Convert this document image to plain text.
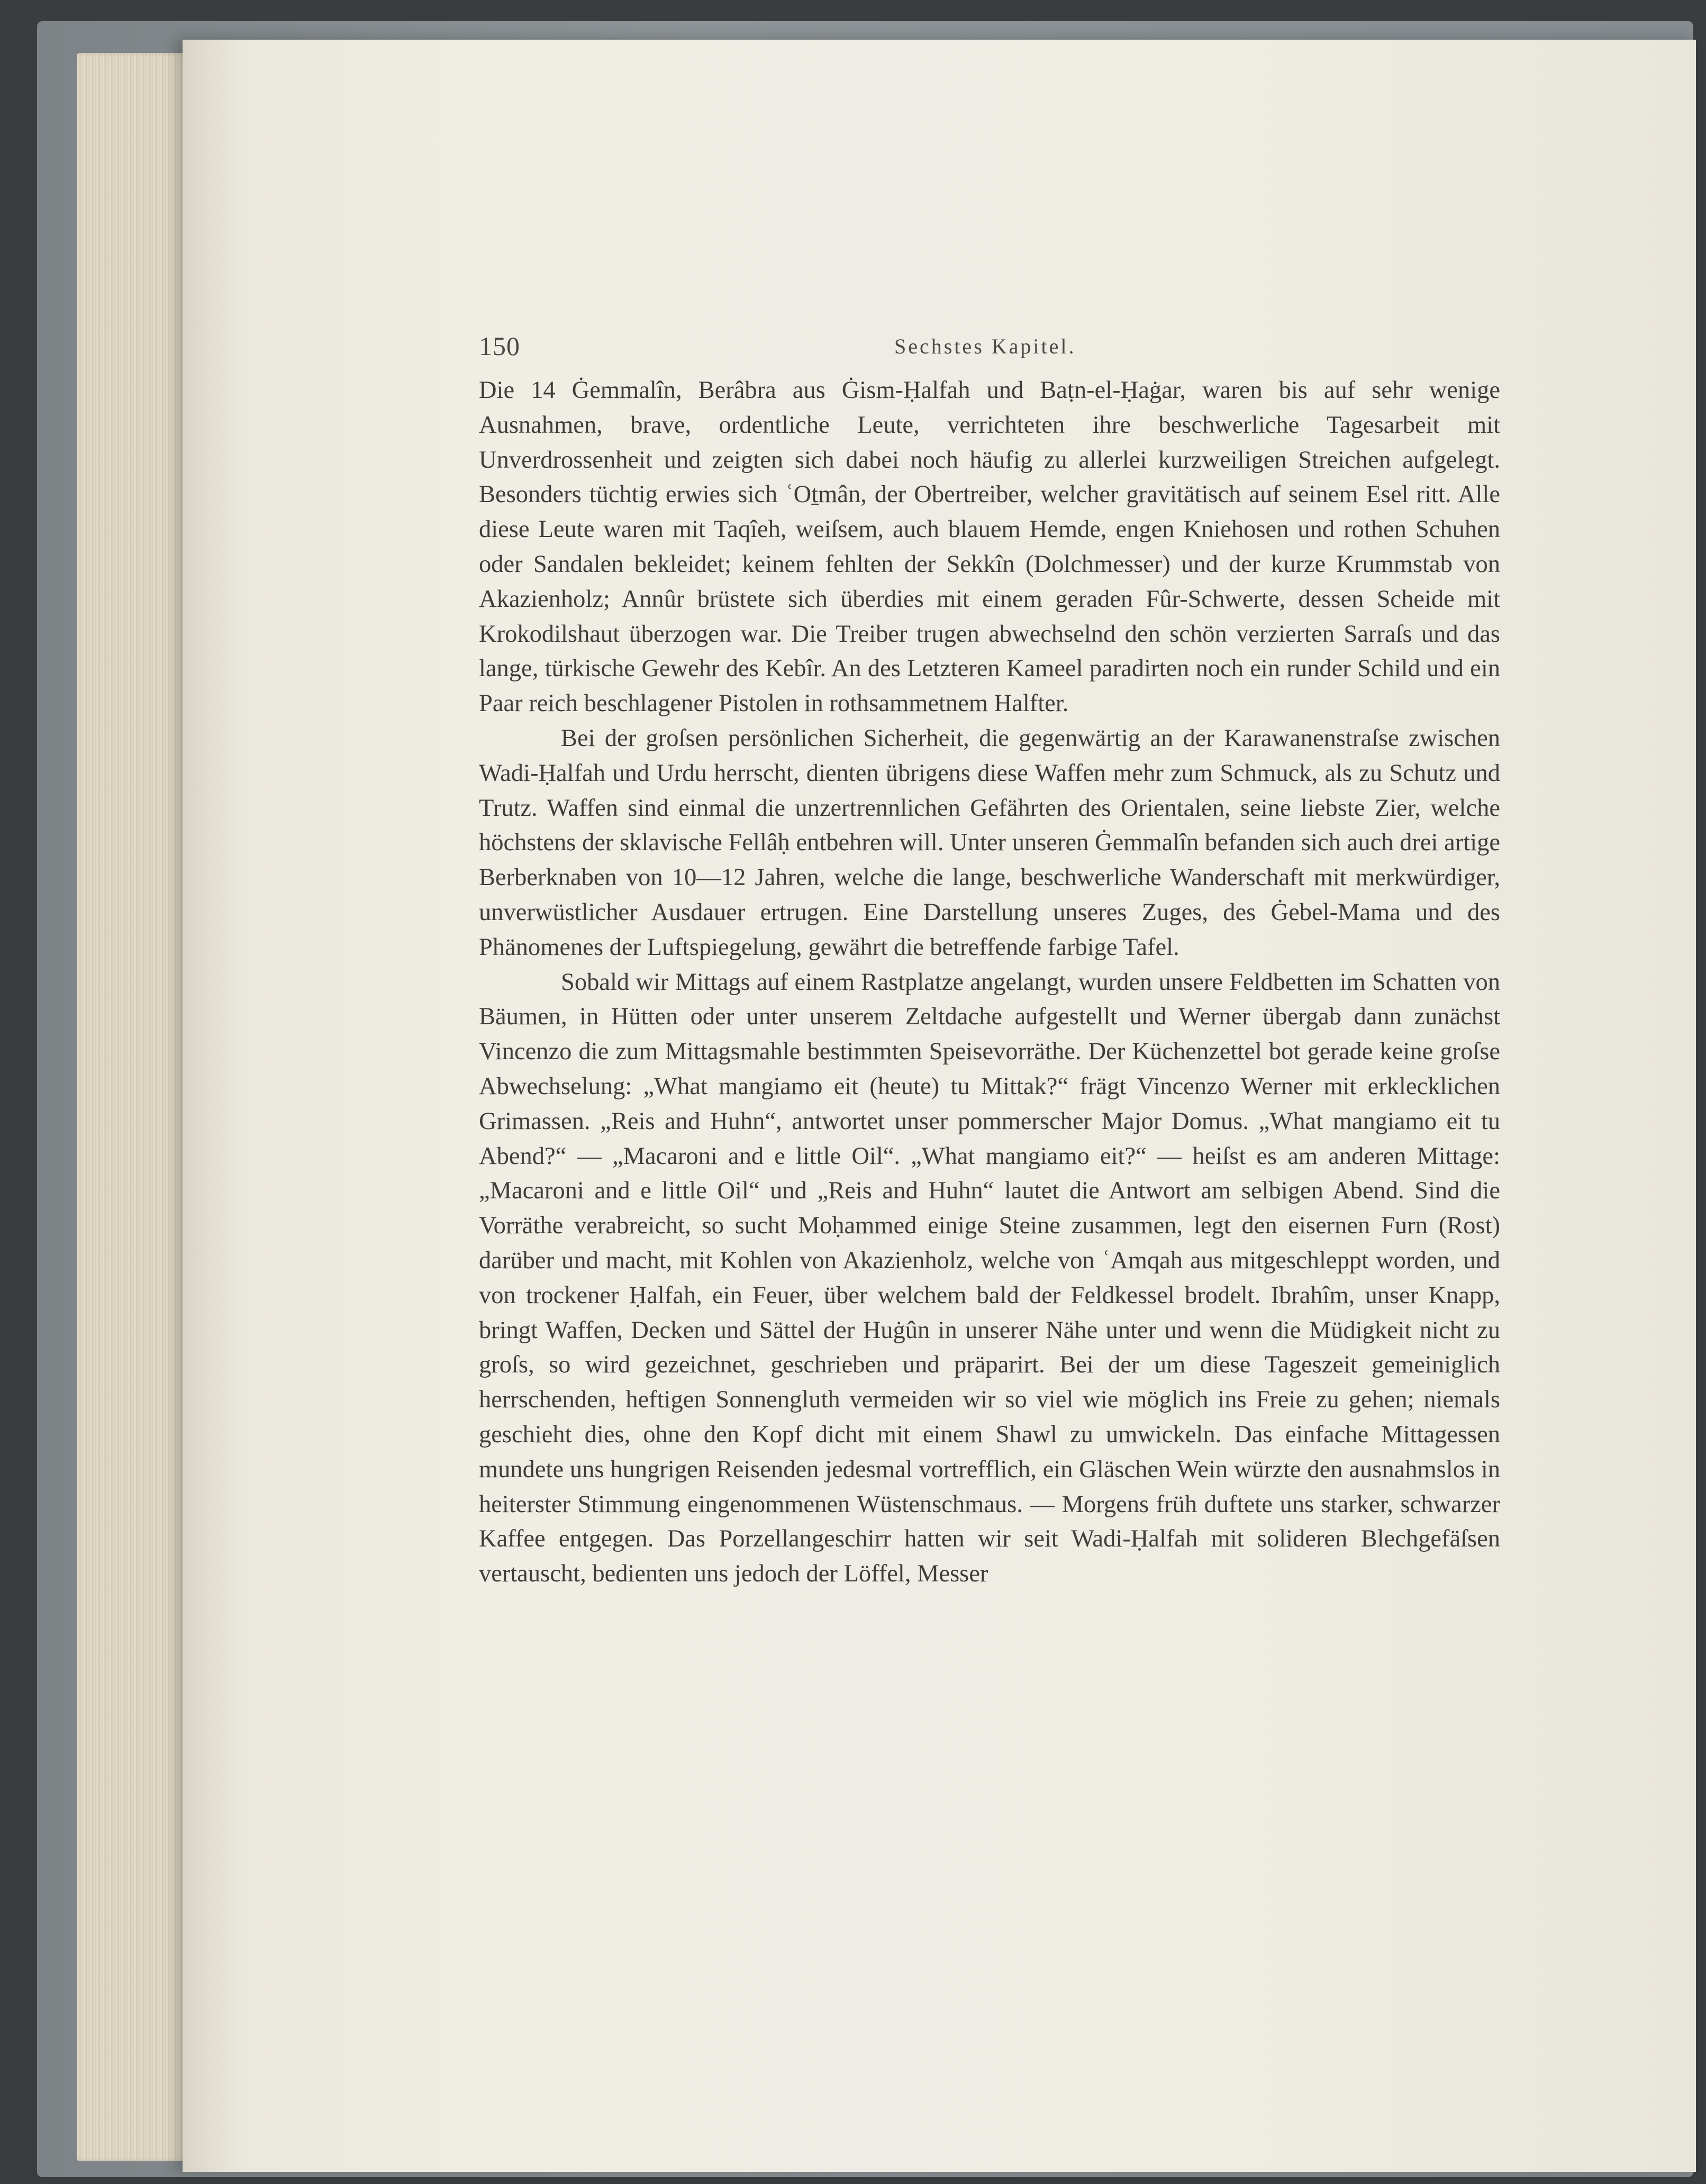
150	Sechstes Kapitel.

Die 14 Ġemmalîn, Berâbra aus Ġism-Ḥalfah und Baṭn-el-Ḥaġar, waren bis auf sehr wenige Ausnahmen, brave, ordentliche Leute, verrichteten ihre beschwerliche Tagesarbeit mit Unverdrossenheit und zeigten sich dabei noch häufig zu allerlei kurzweiligen Streichen aufgelegt. Besonders tüchtig erwies sich ʿOṯmân, der Obertreiber, welcher gravitätisch auf seinem Esel ritt. Alle diese Leute waren mit Taqîeh, weiſsem, auch blauem Hemde, engen Kniehosen und rothen Schuhen oder Sandalen bekleidet; keinem fehlten der Sekkîn (Dolchmesser) und der kurze Krummstab von Akazienholz; Annûr brüstete sich überdies mit einem geraden Fûr-Schwerte, dessen Scheide mit Krokodilshaut überzogen war. Die Treiber trugen abwechselnd den schön verzierten Sarraſs und das lange, türkische Gewehr des Kebîr. An des Letzteren Kameel paradirten noch ein runder Schild und ein Paar reich beschlagener Pistolen in rothsammetnem Halfter.

Bei der groſsen persönlichen Sicherheit, die gegenwärtig an der Karawanenstraſse zwischen Wadi-Ḥalfah und Urdu herrscht, dienten übrigens diese Waffen mehr zum Schmuck, als zu Schutz und Trutz. Waffen sind einmal die unzertrennlichen Gefährten des Orientalen, seine liebste Zier, welche höchstens der sklavische Fellâḥ entbehren will. Unter unseren Ġemmalîn befanden sich auch drei artige Berberknaben von 10—12 Jahren, welche die lange, beschwerliche Wanderschaft mit merkwürdiger, unverwüstlicher Ausdauer ertrugen. Eine Darstellung unseres Zuges, des Ġebel-Mama und des Phänomenes der Luftspiegelung, gewährt die betreffende farbige Tafel.

Sobald wir Mittags auf einem Rastplatze angelangt, wurden unsere Feldbetten im Schatten von Bäumen, in Hütten oder unter unserem Zeltdache aufgestellt und Werner übergab dann zunächst Vincenzo die zum Mittagsmahle bestimmten Speisevorräthe. Der Küchenzettel bot gerade keine groſse Abwechselung: „What mangiamo eit (heute) tu Mittak?“ frägt Vincenzo Werner mit erklecklichen Grimassen. „Reis and Huhn“, antwortet unser pommerscher Major Domus. „What mangiamo eit tu Abend?“ — „Macaroni and e little Oil“. „What mangiamo eit?“ — heiſst es am anderen Mittage: „Macaroni and e little Oil“ und „Reis and Huhn“ lautet die Antwort am selbigen Abend. Sind die Vorräthe verabreicht, so sucht Moḥammed einige Steine zusammen, legt den eisernen Furn (Rost) darüber und macht, mit Kohlen von Akazienholz, welche von ʿAmqah aus mitgeschleppt worden, und von trockener Ḥalfah, ein Feuer, über welchem bald der Feldkessel brodelt. Ibrahîm, unser Knapp, bringt Waffen, Decken und Sättel der Huġûn in unserer Nähe unter und wenn die Müdigkeit nicht zu groſs, so wird gezeichnet, geschrieben und präparirt. Bei der um diese Tageszeit gemeiniglich herrschenden, heftigen Sonnengluth vermeiden wir so viel wie möglich ins Freie zu gehen; niemals geschieht dies, ohne den Kopf dicht mit einem Shawl zu umwickeln. Das einfache Mittagessen mundete uns hungrigen Reisenden jedesmal vortrefflich, ein Gläschen Wein würzte den ausnahmslos in heiterster Stimmung eingenommenen Wüstenschmaus. — Morgens früh duftete uns starker, schwarzer Kaffee entgegen. Das Porzellangeschirr hatten wir seit Wadi-Ḥalfah mit solideren Blechgefäſsen vertauscht, bedienten uns jedoch der Löffel, Messer
